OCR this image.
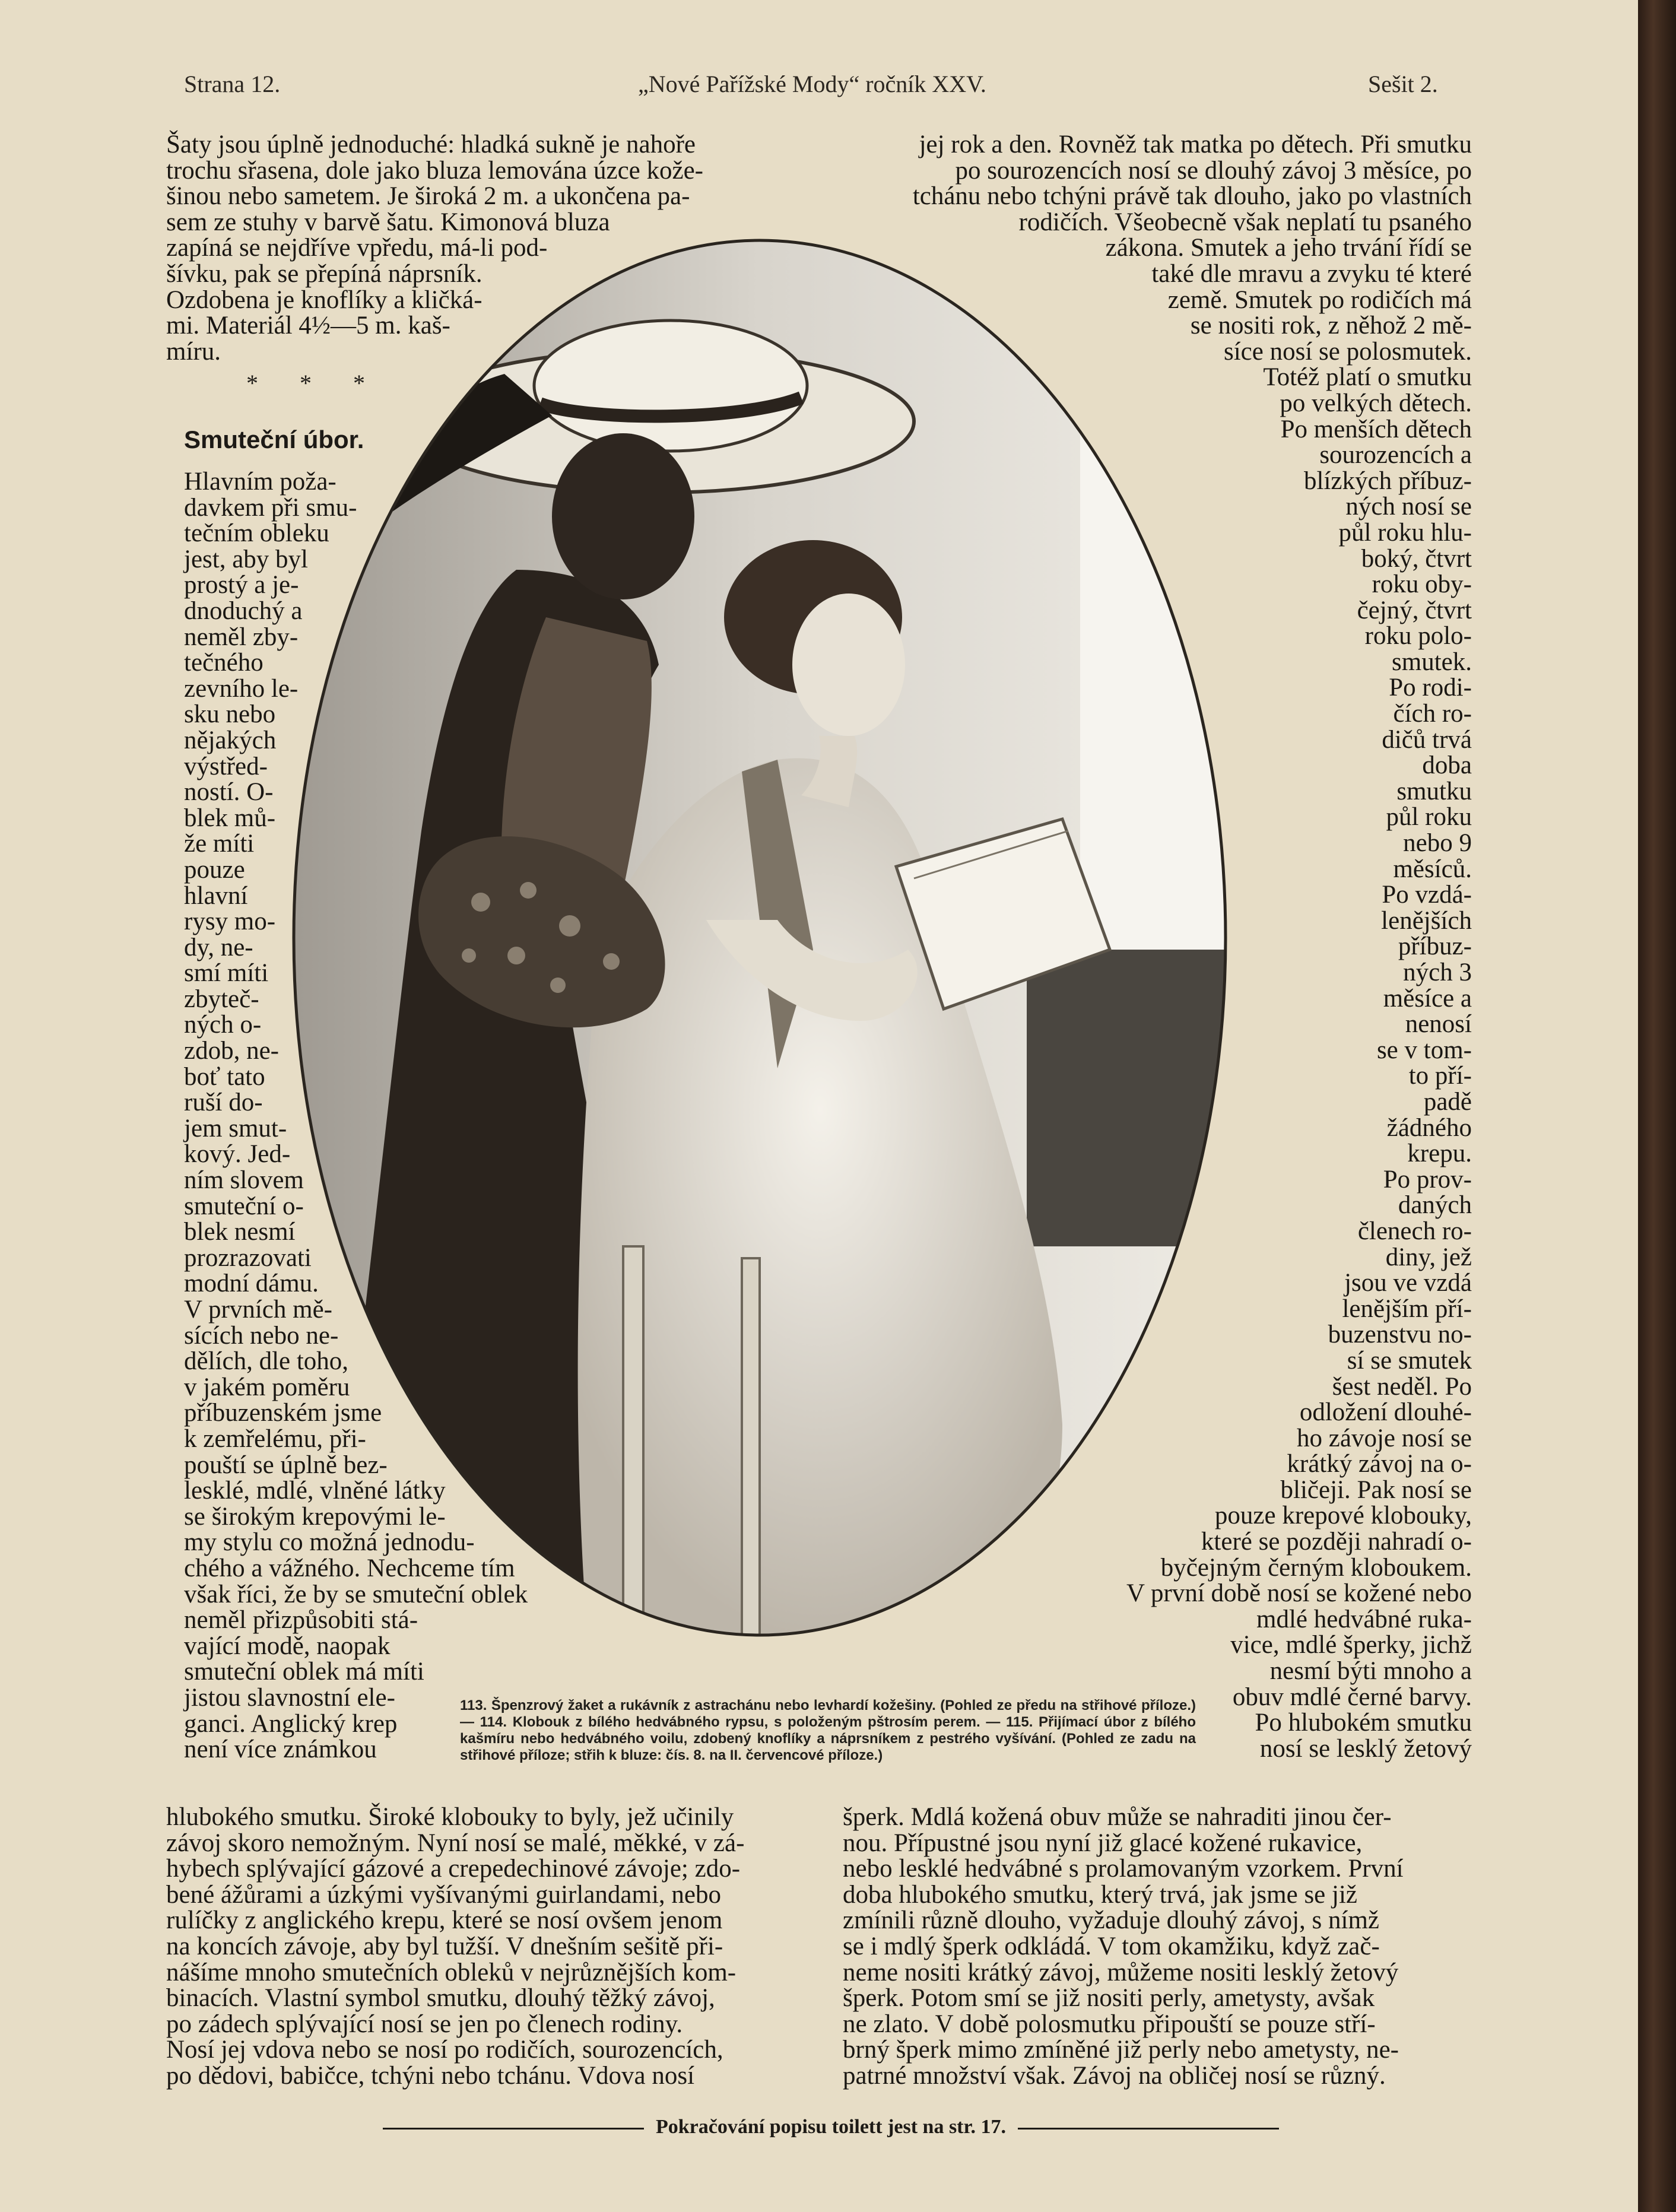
Strana 12.	„Nové Pařížské Mody“ ročník XXV.	Sešit 2.
Šaty jsou úplně jednoduché: hladká sukně je nahoře
trochu sřasena, dole jako bluza lemována úzce kože-
šinou nebo sametem. Je široká 2 m. a ukončena pa-
sem ze stuhy v barvě šatu. Kimonová bluza
zapíná se nejdříve vpředu, má-li pod-
šívku, pak se přepíná náprsník.
Ozdobena je knoflíky a kličká-
mi. Materiál 4½—5 m. kaš-
míru.
* * *
Smuteční úbor.
Hlavním poža-
davkem při smu-
tečním obleku
jest, aby byl
prostý a je-
dnoduchý a
neměl zby-
tečného
zevního le-
sku nebo
nějakých
výstřed-
ností. O-
blek mů-
že míti
pouze
hlavní
rysy mo-
dy, ne-
smí míti
zbyteč-
ných o-
zdob, ne-
boť tato
ruší do-
jem smut-
kový. Jed-
ním slovem
smuteční o-
blek nesmí
prozrazovati
modní dámu.
V prvních mě-
sících nebo ne-
dělích, dle toho,
v jakém poměru
příbuzenském jsme
k zemřelému, při-
pouští se úplně bez-
lesklé, mdlé, vlněné látky
se širokým krepovými le-
my stylu co možná jednodu-
chého a vážného. Nechceme tím
však říci, že by se smuteční oblek
neměl přizpůsobiti stá-
vající modě, naopak
smuteční oblek má míti
jistou slavnostní ele-
ganci. Anglický krep
není více známkou
hlubokého smutku. Široké klobouky to byly, jež učinily
závoj skoro nemožným. Nyní nosí se malé, měkké, v zá-
hybech splývající gázové a crepedechinové závoje; zdo-
bené ážůrami a úzkými vyšívanými guirlandami, nebo
rulíčky z anglického krepu, které se nosí ovšem jenom
na koncích závoje, aby byl tužší. V dnešním sešitě při-
nášíme mnoho smutečních obleků v nejrůznějších kom-
binacích. Vlastní symbol smutku, dlouhý těžký závoj,
po zádech splývající nosí se jen po členech rodiny.
Nosí jej vdova nebo se nosí po rodičích, sourozencích,
po dědovi, babičce, tchýni nebo tchánu. Vdova nosí
jej rok a den. Rovněž tak matka po dětech. Při smutku
po sourozencích nosí se dlouhý závoj 3 měsíce, po
tchánu nebo tchýni právě tak dlouho, jako po vlastních
rodičích. Všeobecně však neplatí tu psaného
zákona. Smutek a jeho trvání řídí se
také dle mravu a zvyku té které
země. Smutek po rodičích má
se nositi rok, z něhož 2 mě-
síce nosí se polosmutek.
Totéž platí o smutku
po velkých dětech.
Po menších dětech
sourozencích a
blízkých příbuz-
ných nosí se
půl roku hlu-
boký, čtvrt
roku oby-
čejný, čtvrt
roku polo-
smutek.
Po rodi-
čích ro-
dičů trvá
doba
smutku
půl roku
nebo 9
měsíců.
Po vzdá-
lenějších
příbuz-
ných 3
měsíce a
nenosí
se v tom-
to pří-
padě
žádného
krepu.
Po prov-
daných
členech ro-
diny, jež
jsou ve vzdá
lenějším pří-
buzenstvu no-
sí se smutek
šest neděl. Po
odložení dlouhé-
ho závoje nosí se
krátký závoj na o-
bličeji. Pak nosí se
pouze krepové klobouky,
které se později nahradí o-
byčejným černým kloboukem.
V první době nosí se kožené nebo
mdlé hedvábné ruka-
vice, mdlé šperky, jichž
nesmí býti mnoho a
obuv mdlé černé barvy.
Po hlubokém smutku
nosí se lesklý žetový
šperk. Mdlá kožená obuv může se nahraditi jinou čer-
nou. Přípustné jsou nyní již glacé kožené rukavice,
nebo lesklé hedvábné s prolamovaným vzorkem. První
doba hlubokého smutku, který trvá, jak jsme se již
zmínili různě dlouho, vyžaduje dlouhý závoj, s nímž
se i mdlý šperk odkládá. V tom okamžiku, když zač-
neme nositi krátký závoj, můžeme nositi lesklý žetový
šperk. Potom smí se již nositi perly, ametysty, avšak
ne zlato. V době polosmutku připouští se pouze stří-
brný šperk mimo zmíněné již perly nebo ametysty, ne-
patrné množství však. Závoj na obličej nosí se různý.
113. Špenzrový žaket a rukávník z astrachánu nebo levhardí kožešiny. (Pohled ze předu na střihové příloze.) — 114. Klobouk z bílého hedvábného rypsu, s položeným pštrosím perem. — 115. Přijímací úbor z bílého kašmíru nebo hedvábného voilu, zdobený knoflíky a náprsníkem z pestrého vyšívání. (Pohled ze zadu na střihové příloze; střih k bluze: čís. 8. na II. červencové příloze.)
Pokračování popisu toilett jest na str. 17.
